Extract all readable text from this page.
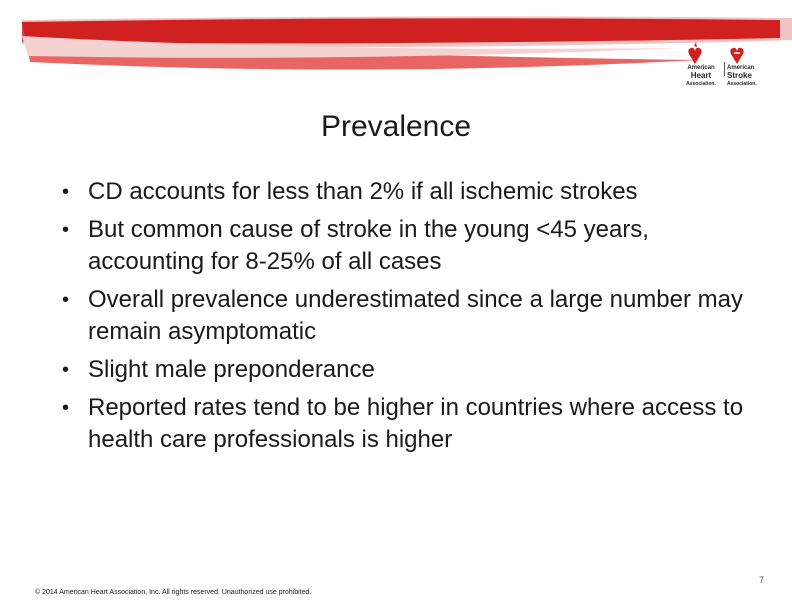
American
Heart
Association.
American
Stroke
Association.
Prevalence
• CD accounts for less than 2% if all ischemic strokes
• But common cause of stroke in the young <45 years, accounting for 8-25% of all cases
• Overall prevalence underestimated since a large number may remain asymptomatic
• Slight male preponderance
• Reported rates tend to be higher in countries where access to health care professionals is higher
© 2014 American Heart Association, Inc. All rights reserved. Unauthorized use prohibited.
7
